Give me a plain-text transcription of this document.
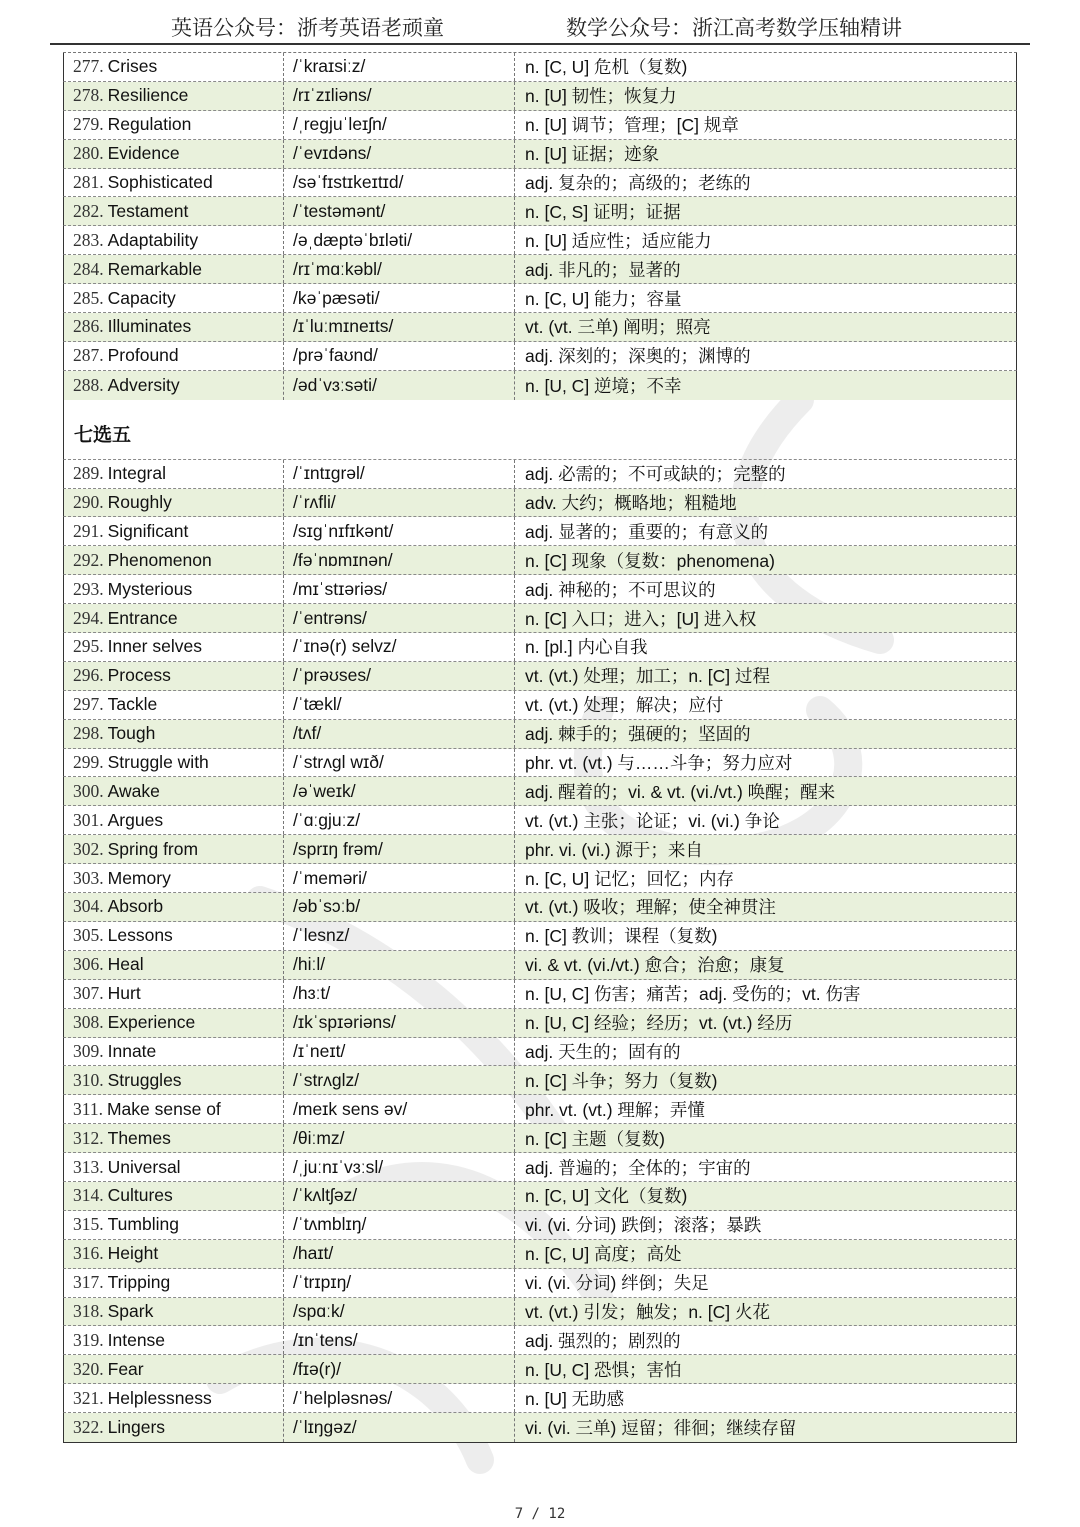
英语公众号：浙考英语老顽童	数学公众号：浙江高考数学压轴精讲
277. Crises	/ˈkraɪsiːz/	n. [C, U] 危机（复数)
278. Resilience	/rɪˈzɪliəns/	n. [U] 韧性；恢复力
279. Regulation	/ˌregjuˈleɪʃn/	n. [U] 调节；管理；[C] 规章
280. Evidence	/ˈevɪdəns/	n. [U] 证据；迹象
281. Sophisticated	/səˈfɪstɪkeɪtɪd/	adj. 复杂的；高级的；老练的
282. Testament	/ˈtestəmənt/	n. [C, S] 证明；证据
283. Adaptability	/əˌdæptəˈbɪləti/	n. [U] 适应性；适应能力
284. Remarkable	/rɪˈmɑːkəbl/	adj. 非凡的；显著的
285. Capacity	/kəˈpæsəti/	n. [C, U] 能力；容量
286. Illuminates	/ɪˈluːmɪneɪts/	vt. (vt. 三单) 阐明；照亮
287. Profound	/prəˈfaʊnd/	adj. 深刻的；深奥的；渊博的
288. Adversity	/ədˈvɜːsəti/	n. [U, C] 逆境；不幸
七选五
289. Integral	/ˈɪntɪgrəl/	adj. 必需的；不可或缺的；完整的
290. Roughly	/ˈrʌfli/	adv. 大约；概略地；粗糙地
291. Significant	/sɪgˈnɪfɪkənt/	adj. 显著的；重要的；有意义的
292. Phenomenon	/fəˈnɒmɪnən/	n. [C] 现象（复数：phenomena)
293. Mysterious	/mɪˈstɪəriəs/	adj. 神秘的；不可思议的
294. Entrance	/ˈentrəns/	n. [C] 入口；进入；[U] 进入权
295. Inner selves	/ˈɪnə(r) selvz/	n. [pl.] 内心自我
296. Process	/ˈprəʊses/	vt. (vt.) 处理；加工；n. [C] 过程
297. Tackle	/ˈtækl/	vt. (vt.) 处理；解决；应付
298. Tough	/tʌf/	adj. 棘手的；强硬的；坚固的
299. Struggle with	/ˈstrʌgl wɪð/	phr. vt. (vt.) 与……斗争；努力应对
300. Awake	/əˈweɪk/	adj. 醒着的；vi. & vt. (vi./vt.) 唤醒；醒来
301. Argues	/ˈɑːgjuːz/	vt. (vt.) 主张；论证；vi. (vi.) 争论
302. Spring from	/sprɪŋ frəm/	phr. vi. (vi.) 源于；来自
303. Memory	/ˈmeməri/	n. [C, U] 记忆；回忆；内存
304. Absorb	/əbˈsɔːb/	vt. (vt.) 吸收；理解；使全神贯注
305. Lessons	/ˈlesnz/	n. [C] 教训；课程（复数)
306. Heal	/hiːl/	vi. & vt. (vi./vt.) 愈合；治愈；康复
307. Hurt	/hɜːt/	n. [U, C] 伤害；痛苦；adj. 受伤的；vt. 伤害
308. Experience	/ɪkˈspɪəriəns/	n. [U, C] 经验；经历；vt. (vt.) 经历
309. Innate	/ɪˈneɪt/	adj. 天生的；固有的
310. Struggles	/ˈstrʌglz/	n. [C] 斗争；努力（复数)
311. Make sense of	/meɪk sens əv/	phr. vt. (vt.) 理解；弄懂
312. Themes	/θiːmz/	n. [C] 主题（复数)
313. Universal	/ˌjuːnɪˈvɜːsl/	adj. 普遍的；全体的；宇宙的
314. Cultures	/ˈkʌltʃəz/	n. [C, U] 文化（复数)
315. Tumbling	/ˈtʌmblɪŋ/	vi. (vi. 分词) 跌倒；滚落；暴跌
316. Height	/haɪt/	n. [C, U] 高度；高处
317. Tripping	/ˈtrɪpɪŋ/	vi. (vi. 分词) 绊倒；失足
318. Spark	/spɑːk/	vt. (vt.) 引发；触发；n. [C] 火花
319. Intense	/ɪnˈtens/	adj. 强烈的；剧烈的
320. Fear	/fɪə(r)/	n. [U, C] 恐惧；害怕
321. Helplessness	/ˈhelpləsnəs/	n. [U] 无助感
322. Lingers	/ˈlɪŋgəz/	vi. (vi. 三单) 逗留；徘徊；继续存留
7 / 12
